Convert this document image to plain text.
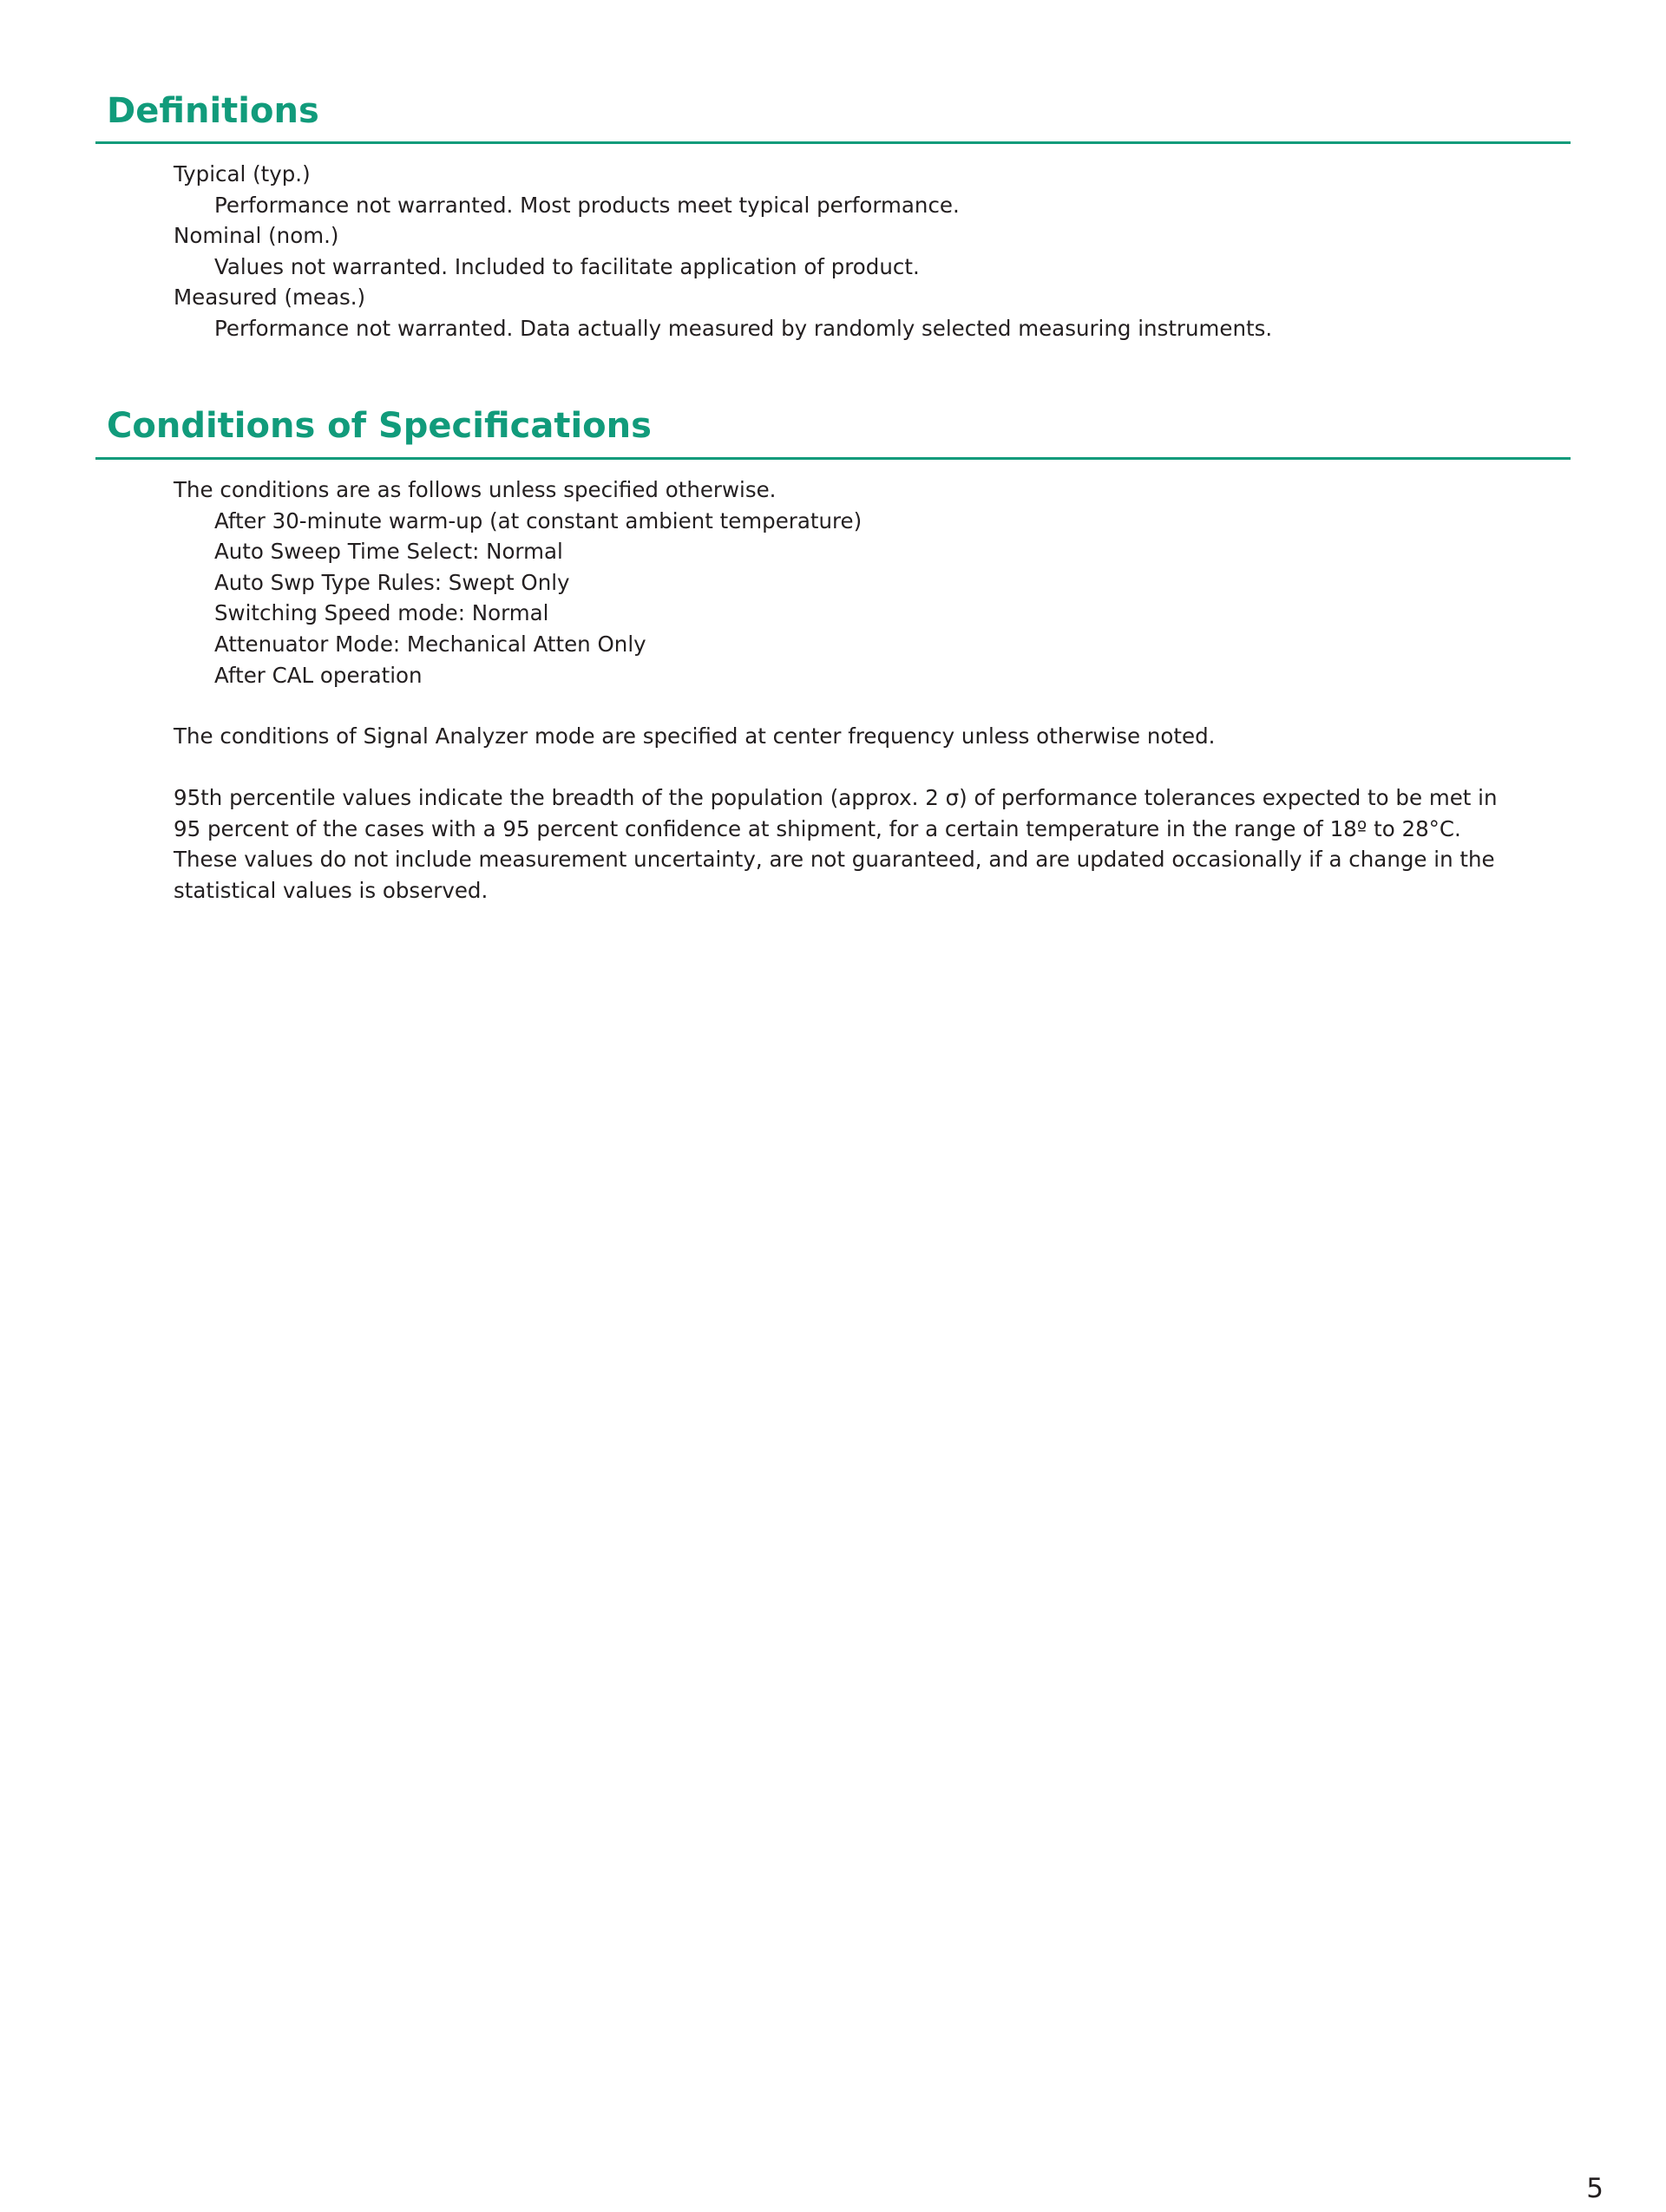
Definitions

Typical (typ.)

Performance not warranted. Most products meet typical performance.

Nominal (nom.)

Values not warranted. Included to facilitate application of product.

Measured (meas.)

Performance not warranted. Data actually measured by randomly selected measuring instruments.

Conditions of Specifications

The conditions are as follows unless specified otherwise.

After 30-minute warm-up (at constant ambient temperature)

Auto Sweep Time Select: Normal

Auto Swp Type Rules: Swept Only

Switching Speed mode: Normal

Attenuator Mode: Mechanical Atten Only

After CAL operation

The conditions of Signal Analyzer mode are specified at center frequency unless otherwise noted.

95th percentile values indicate the breadth of the population (approx. 2 σ) of performance tolerances expected to be met in

95 percent of the cases with a 95 percent confidence at shipment, for a certain temperature in the range of 18º to 28°C.

These values do not include measurement uncertainty, are not guaranteed, and are updated occasionally if a change in the statistical values is observed.

5
